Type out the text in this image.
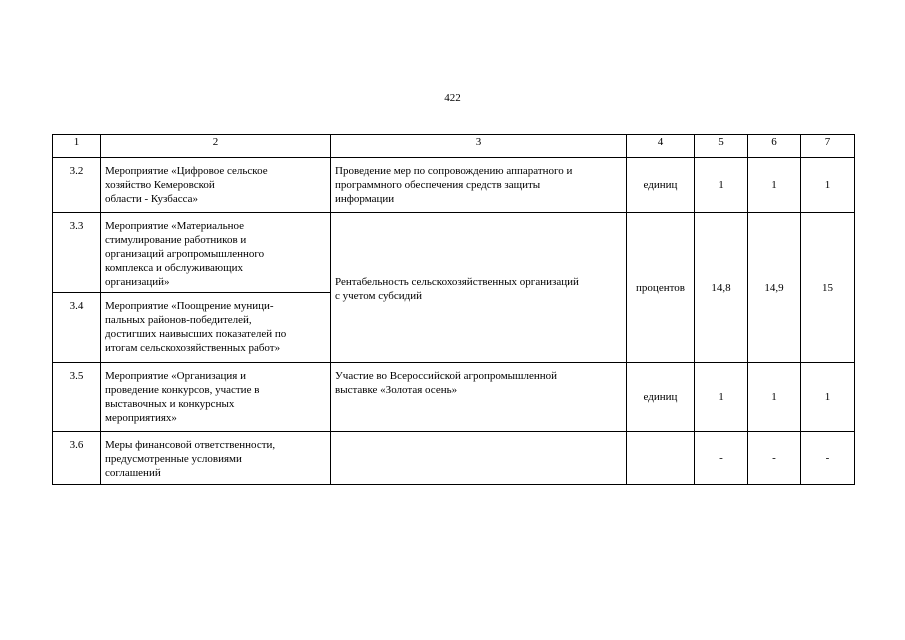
422
1	2	3	4	5	6	7
3.2	Мероприятие «Цифровое сельское
хозяйство Кемеровской
области - Кузбасса»	Проведение мер по сопровождению аппаратного и
программного обеспечения средств защиты
информации	единиц	1	1	1
3.3	Мероприятие «Материальное
стимулирование работников и
организаций агропромышленного
комплекса и обслуживающих
организаций»	Рентабельность сельскохозяйственных организаций
с учетом субсидий	процентов	14,8	14,9	15
3.4	Мероприятие «Поощрение муници-
пальных районов-победителей,
достигших наивысших показателей по
итогам сельскохозяйственных работ»					
3.5	Мероприятие «Организация и
проведение конкурсов, участие в
выставочных и конкурсных
мероприятиях»	Участие во Всероссийской агропромышленной
выставке «Золотая осень»	единиц	1	1	1
3.6	Меры финансовой ответственности,
предусмотренные условиями
соглашений			-	-	-
